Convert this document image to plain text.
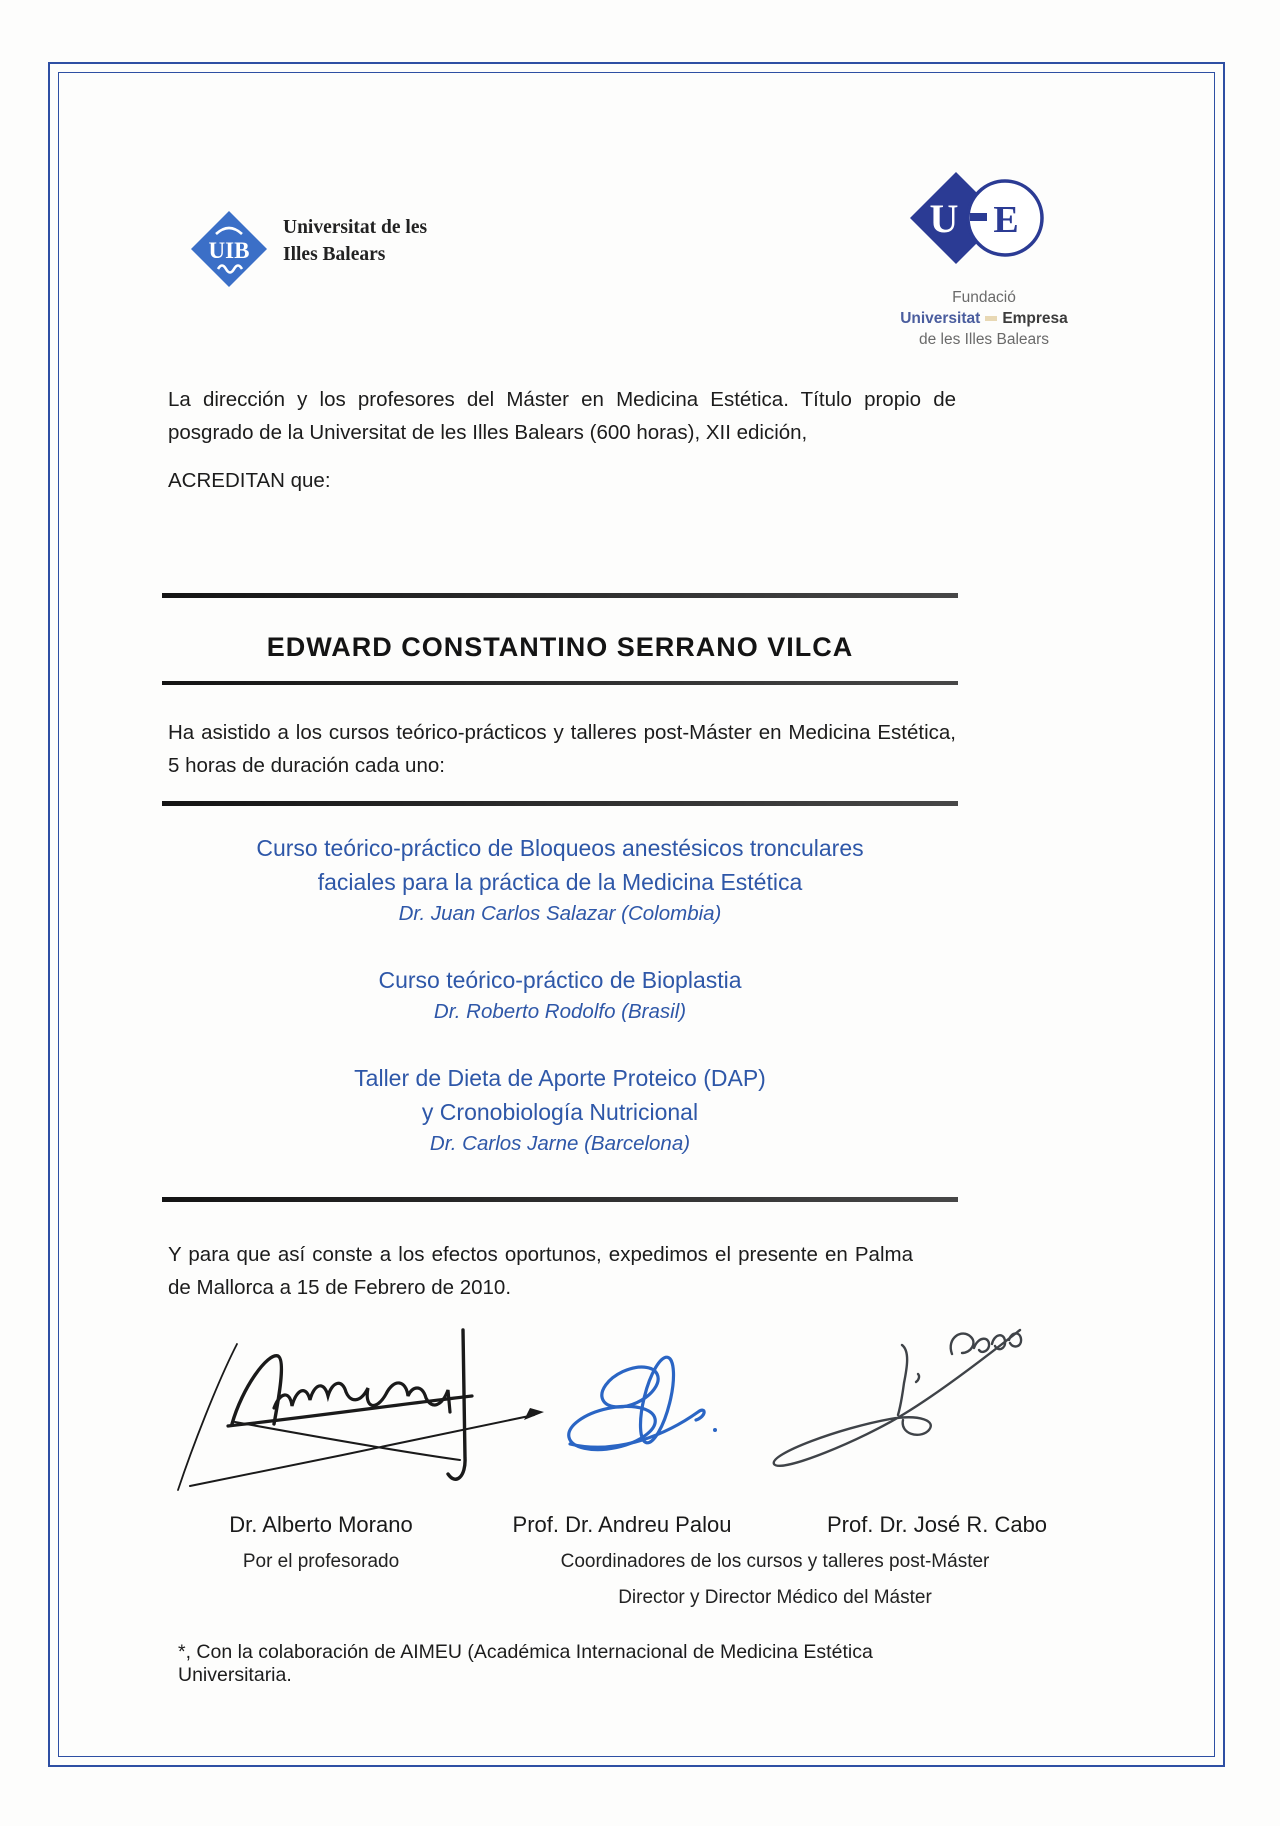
UIB
Universitat de les
Illes Balears
U E
Fundació
Universitat Empresa
de les Illes Balears
La dirección y los profesores del Máster en Medicina Estética. Título propio de posgrado de la Universitat de les Illes Balears (600 horas), XII edición,
ACREDITAN que:
EDWARD CONSTANTINO SERRANO VILCA
Ha asistido a los cursos teórico-prácticos y talleres post-Máster en Medicina Estética, 5 horas de duración cada uno:
Curso teórico-práctico de Bloqueos anestésicos tronculares
faciales para la práctica de la Medicina Estética
Dr. Juan Carlos Salazar (Colombia)
Curso teórico-práctico de Bioplastia
Dr. Roberto Rodolfo (Brasil)
Taller de Dieta de Aporte Proteico (DAP)
y Cronobiología Nutricional
Dr. Carlos Jarne (Barcelona)
Y para que así conste a los efectos oportunos, expedimos el presente en Palma de Mallorca a 15 de Febrero de 2010.
Dr. Alberto Morano	Prof. Dr. Andreu Palou	Prof. Dr. José R. Cabo
Por el profesorado	Coordinadores de los cursos y talleres post-Máster
Director y Director Médico del Máster
*, Con la colaboración de AIMEU (Académica Internacional de Medicina Estética Universitaria.
